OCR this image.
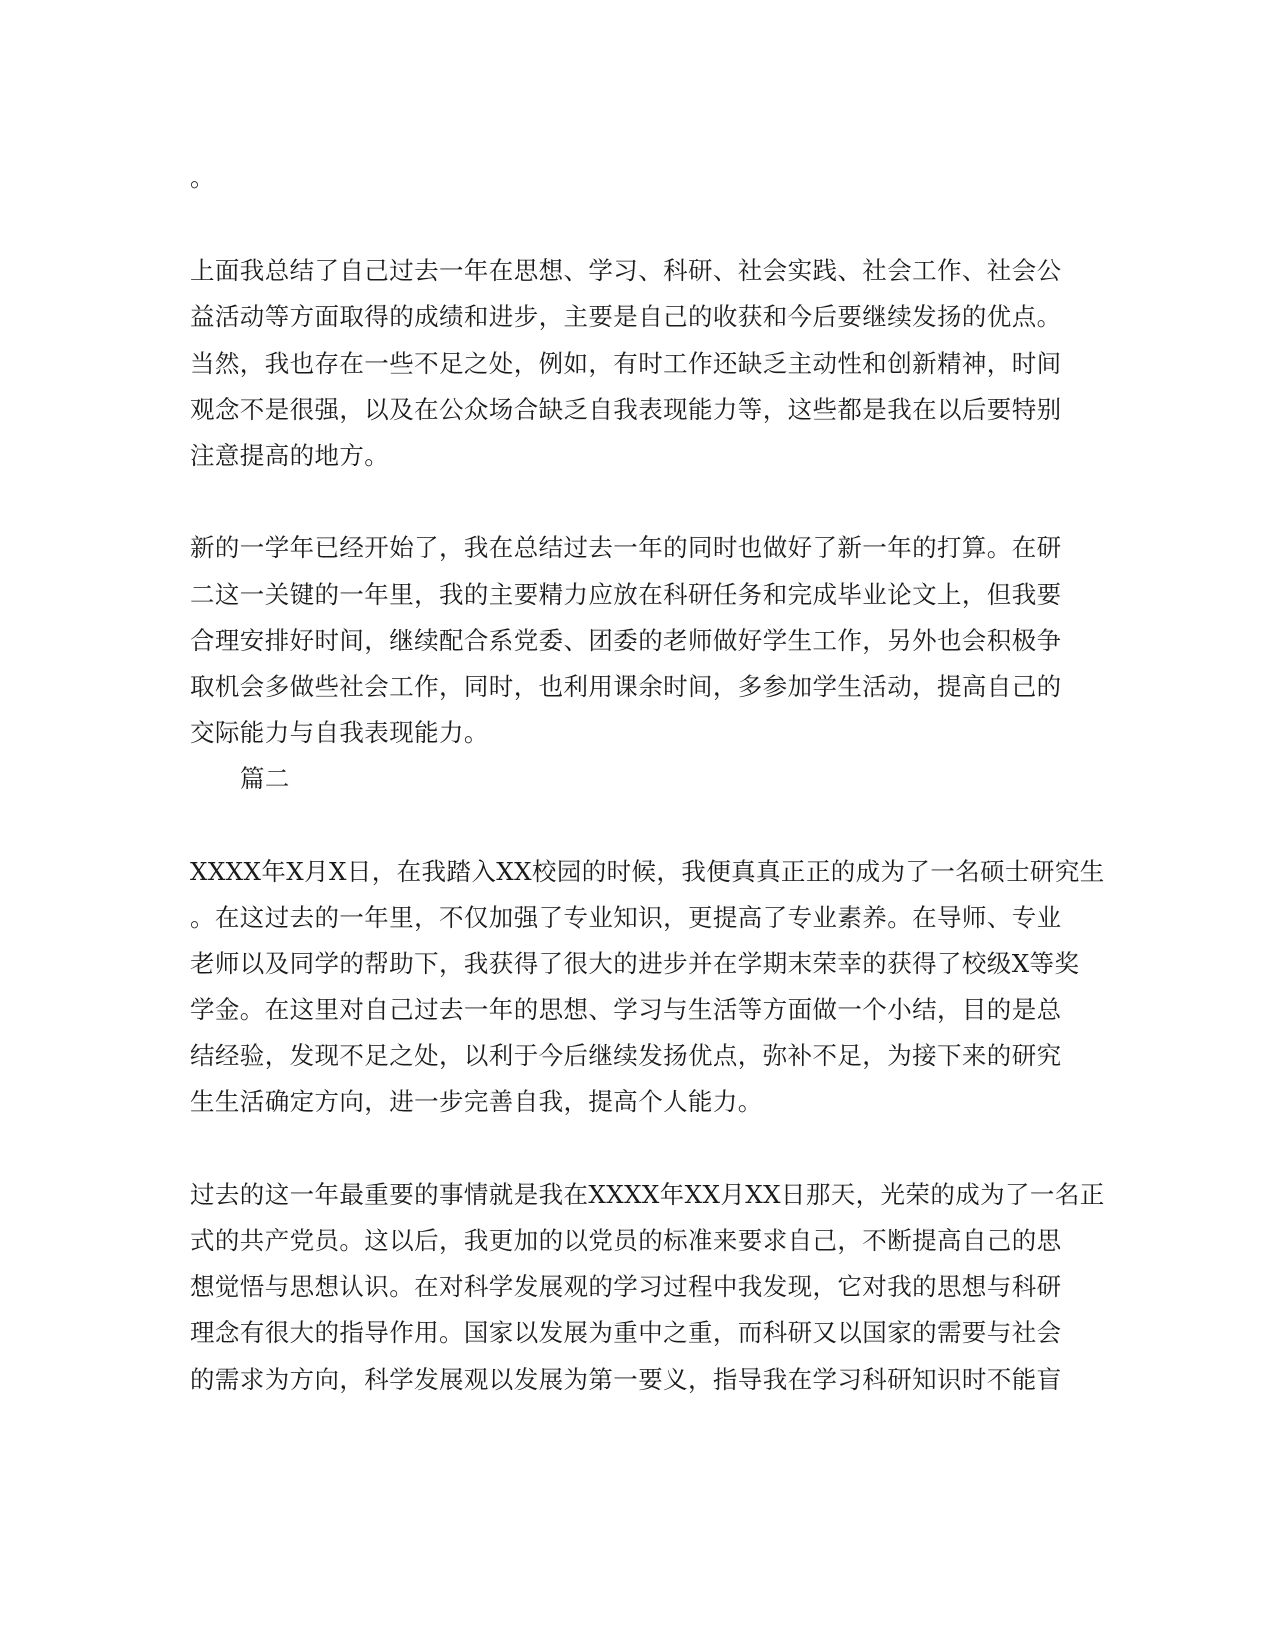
。
上面我总结了自己过去一年在思想、学习、科研、社会实践、社会工作、社会公
益活动等方面取得的成绩和进步，主要是自己的收获和今后要继续发扬的优点。
当然，我也存在一些不足之处，例如，有时工作还缺乏主动性和创新精神，时间
观念不是很强，以及在公众场合缺乏自我表现能力等，这些都是我在以后要特别
注意提高的地方。
新的一学年已经开始了，我在总结过去一年的同时也做好了新一年的打算。在研
二这一关键的一年里，我的主要精力应放在科研任务和完成毕业论文上，但我要
合理安排好时间，继续配合系党委、团委的老师做好学生工作，另外也会积极争
取机会多做些社会工作，同时，也利用课余时间，多参加学生活动，提高自己的
交际能力与自我表现能力。
篇二
XXXX年X月X日，在我踏入XX校园的时候，我便真真正正的成为了一名硕士研究生
。在这过去的一年里，不仅加强了专业知识，更提高了专业素养。在导师、专业
老师以及同学的帮助下，我获得了很大的进步并在学期末荣幸的获得了校级X等奖
学金。在这里对自己过去一年的思想、学习与生活等方面做一个小结，目的是总
结经验，发现不足之处，以利于今后继续发扬优点，弥补不足，为接下来的研究
生生活确定方向，进一步完善自我，提高个人能力。
过去的这一年最重要的事情就是我在XXXX年XX月XX日那天，光荣的成为了一名正
式的共产党员。这以后，我更加的以党员的标准来要求自己，不断提高自己的思
想觉悟与思想认识。在对科学发展观的学习过程中我发现，它对我的思想与科研
理念有很大的指导作用。国家以发展为重中之重，而科研又以国家的需要与社会
的需求为方向，科学发展观以发展为第一要义，指导我在学习科研知识时不能盲
